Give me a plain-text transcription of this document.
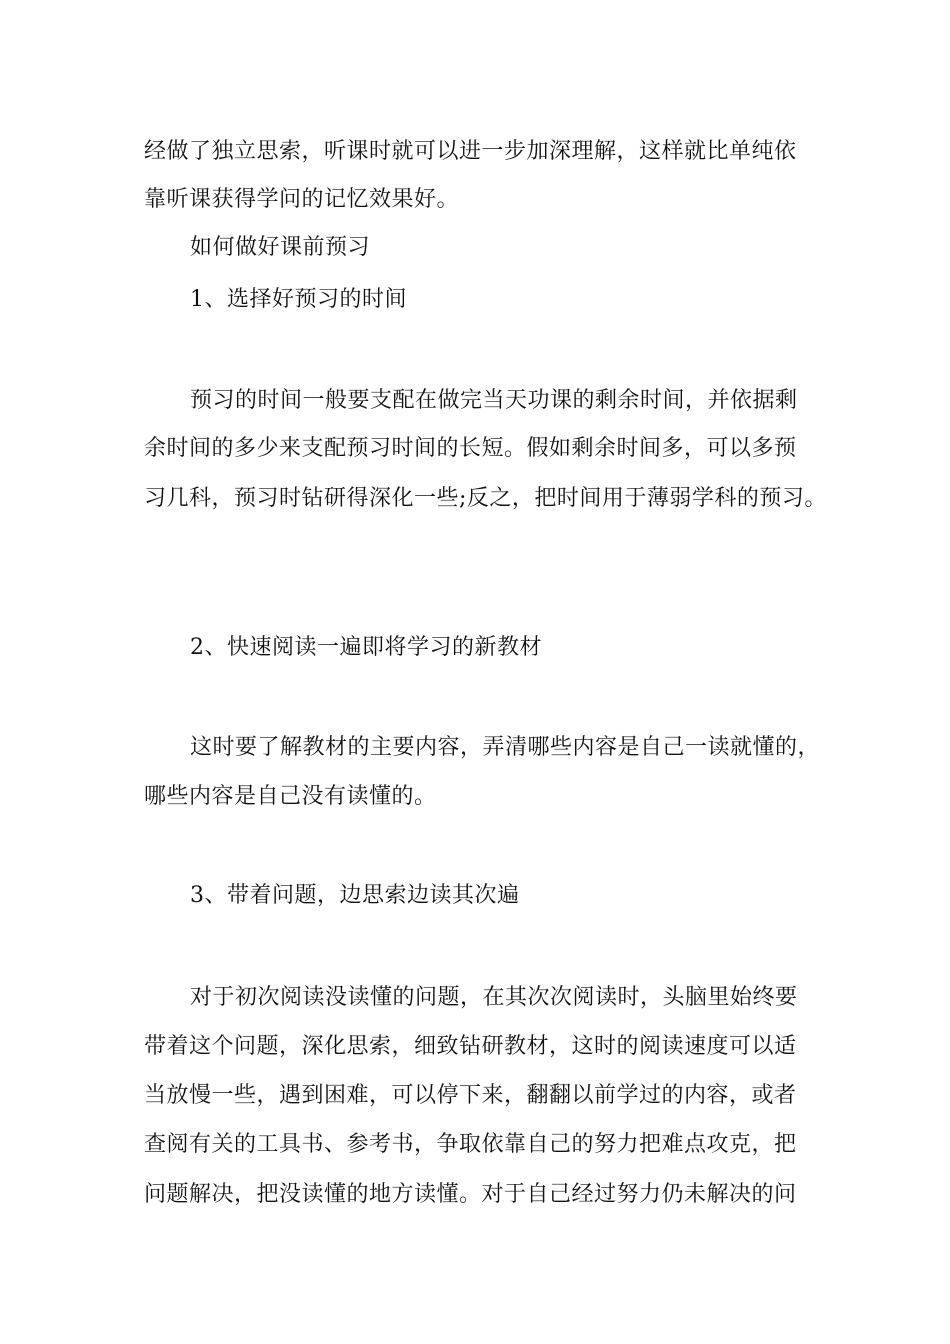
经做了独立思索，听课时就可以进一步加深理解，这样就比单纯依
靠听课获得学问的记忆效果好。
如何做好课前预习
1、选择好预习的时间
预习的时间一般要支配在做完当天功课的剩余时间，并依据剩
余时间的多少来支配预习时间的长短。假如剩余时间多，可以多预
习几科，预习时钻研得深化一些;反之，把时间用于薄弱学科的预习。
2、快速阅读一遍即将学习的新教材
这时要了解教材的主要内容，弄清哪些内容是自己一读就懂的，
哪些内容是自己没有读懂的。
3、带着问题，边思索边读其次遍
对于初次阅读没读懂的问题，在其次次阅读时，头脑里始终要
带着这个问题，深化思索，细致钻研教材，这时的阅读速度可以适
当放慢一些，遇到困难，可以停下来，翻翻以前学过的内容，或者
查阅有关的工具书、参考书，争取依靠自己的努力把难点攻克，把
问题解决，把没读懂的地方读懂。对于自己经过努力仍未解决的问
